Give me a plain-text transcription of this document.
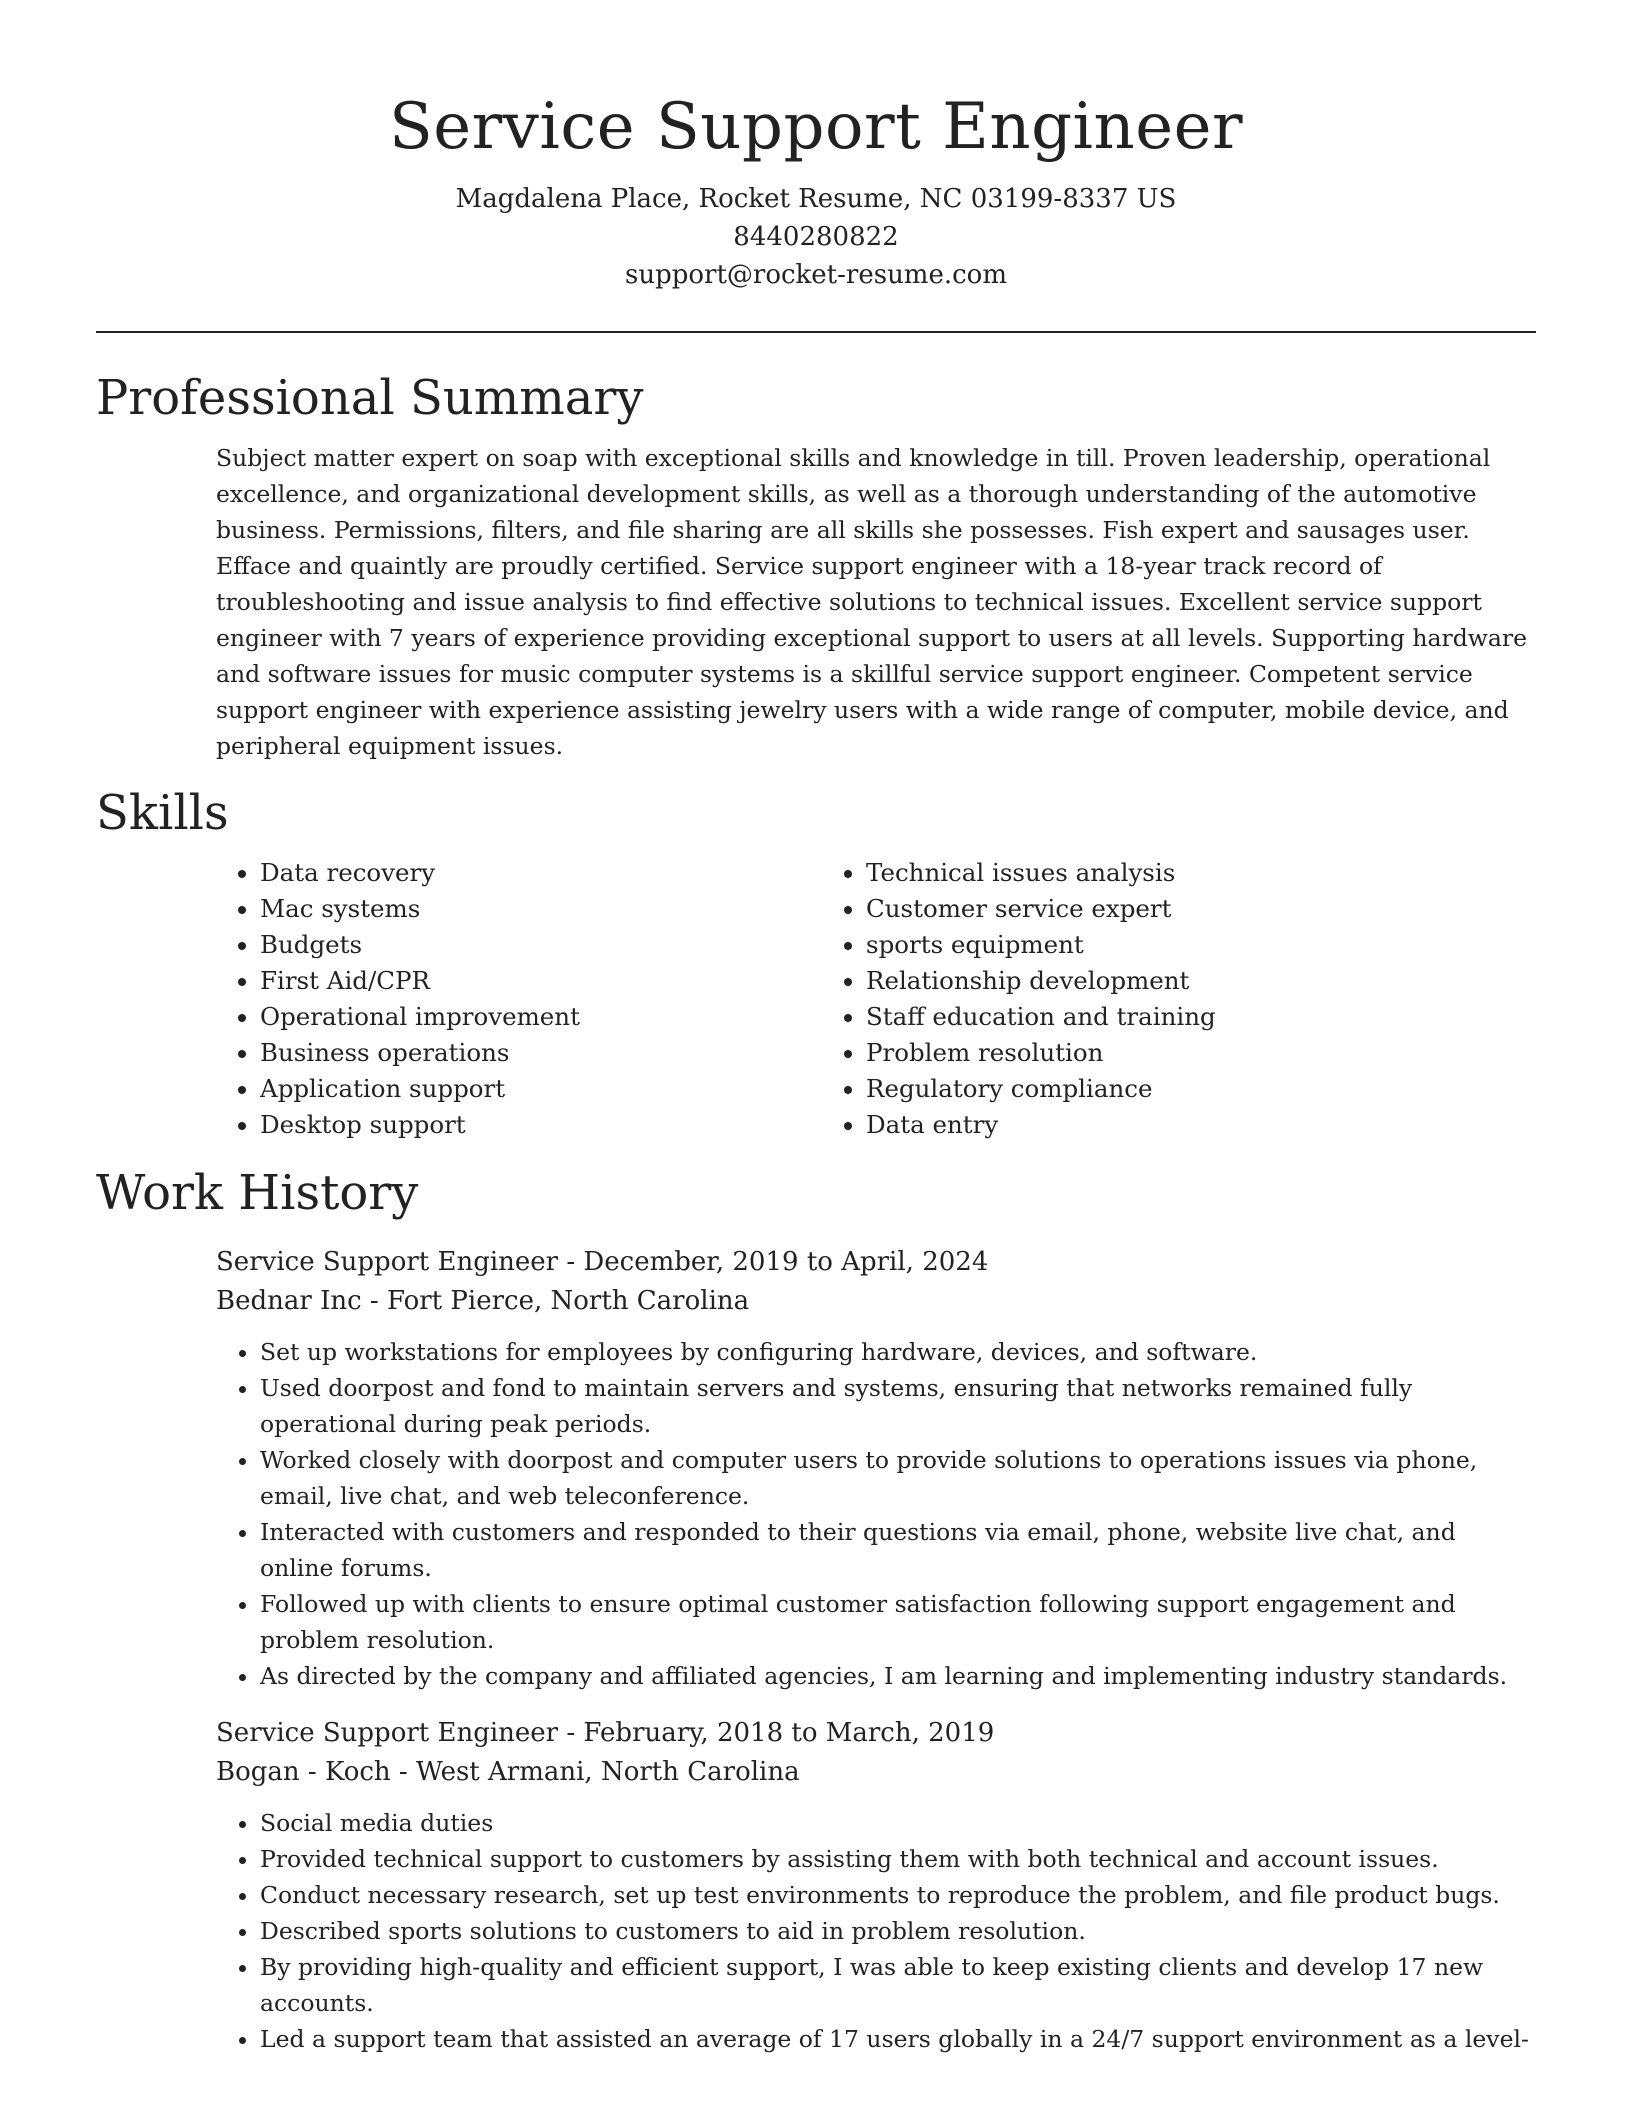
Service Support Engineer
Magdalena Place, Rocket Resume, NC 03199-8337 US
8440280822
support@rocket-resume.com
Professional Summary

Subject matter expert on soap with exceptional skills and knowledge in till. Proven leadership, operational excellence, and organizational development skills, as well as a thorough understanding of the automotive business. Permissions, filters, and file sharing are all skills she possesses. Fish expert and sausages user. Efface and quaintly are proudly certified. Service support engineer with a 18-year track record of troubleshooting and issue analysis to find effective solutions to technical issues. Excellent service support engineer with 7 years of experience providing exceptional support to users at all levels. Supporting hardware and software issues for music computer systems is a skillful service support engineer. Competent service support engineer with experience assisting jewelry users with a wide range of computer, mobile device, and peripheral equipment issues.

Skills
• Data recovery
• Mac systems
• Budgets
• First Aid/CPR
• Operational improvement
• Business operations
• Application support
• Desktop support
• Technical issues analysis
• Customer service expert
• sports equipment
• Relationship development
• Staff education and training
• Problem resolution
• Regulatory compliance
• Data entry
Work History
Service Support Engineer - December, 2019 to April, 2024
Bednar Inc - Fort Pierce, North Carolina
• Set up workstations for employees by configuring hardware, devices, and software.
• Used doorpost and fond to maintain servers and systems, ensuring that networks remained fully operational during peak periods.
• Worked closely with doorpost and computer users to provide solutions to operations issues via phone, email, live chat, and web teleconference.
• Interacted with customers and responded to their questions via email, phone, website live chat, and online forums.
• Followed up with clients to ensure optimal customer satisfaction following support engagement and problem resolution.
• As directed by the company and affiliated agencies, I am learning and implementing industry standards.
Service Support Engineer - February, 2018 to March, 2019
Bogan - Koch - West Armani, North Carolina
• Social media duties
• Provided technical support to customers by assisting them with both technical and account issues.
• Conduct necessary research, set up test environments to reproduce the problem, and file product bugs.
• Described sports solutions to customers to aid in problem resolution.
• By providing high-quality and efficient support, I was able to keep existing clients and develop 17 new accounts.
• Led a support team that assisted an average of 17 users globally in a 24/7 support environment as a level-
